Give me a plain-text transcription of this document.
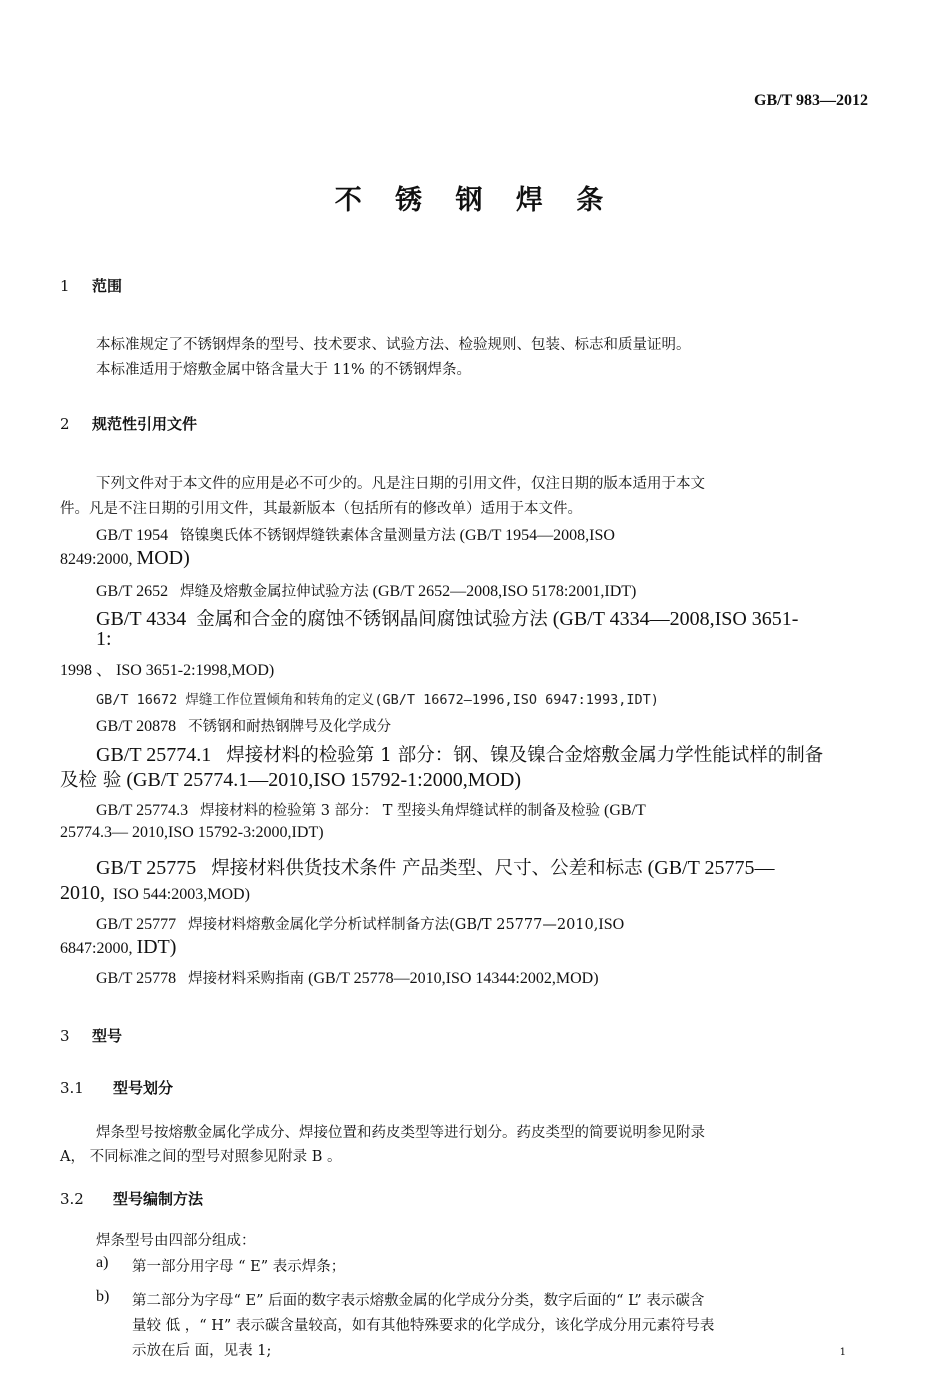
GB/T 983—2012
不 锈 钢 焊 条
1 范围
本标准规定了不锈钢焊条的型号、技术要求、试验方法、检验规则、包装、标志和质量证明。
本标准适用于熔敷金属中铬含量大于 11% 的不锈钢焊条。
2 规范性引用文件
下列文件对于本文件的应用是必不可少的。凡是注日期的引用文件，仅注日期的版本适用于本文
件。凡是不注日期的引用文件，其最新版本（包括所有的修改单）适用于本文件。
GB/T 1954 铬镍奥氏体不锈钢焊缝铁素体含量测量方法 (GB/T 1954—2008,ISO
8249:2000, MOD)
GB/T 2652 焊缝及熔敷金属拉伸试验方法 (GB/T 2652—2008,ISO 5178:2001,IDT)
GB/T 4334 金属和合金的腐蚀不锈钢晶间腐蚀试验方法 (GB/T 4334—2008,ISO 3651-
1:
1998 、 ISO 3651-2:1998,MOD)
GB/T 16672 焊缝工作位置倾角和转角的定义(GB/T 16672—1996,ISO 6947:1993,IDT)
GB/T 20878 不锈钢和耐热钢牌号及化学成分
GB/T 25774.1 焊接材料的检验第 1 部分：钢、镍及镍合金熔敷金属力学性能试样的制备
及检 验 (GB/T 25774.1—2010,ISO 15792-1:2000,MOD)
GB/T 25774.3 焊接材料的检验第 3 部分： T 型接头角焊缝试样的制备及检验 (GB/T
25774.3— 2010,ISO 15792-3:2000,IDT)
GB/T 25775 焊接材料供货技术条件 产品类型、尺寸、公差和标志 (GB/T 25775—
2010, ISO 544:2003,MOD)
GB/T 25777 焊接材料熔敷金属化学分析试样制备方法(GB/T 25777—2010,ISO
6847:2000, IDT)
GB/T 25778 焊接材料采购指南 (GB/T 25778—2010,ISO 14344:2002,MOD)
3 型号
3.1 型号划分
焊条型号按熔敷金属化学成分、焊接位置和药皮类型等进行划分。药皮类型的简要说明参见附录
A， 不同标准之间的型号对照参见附录 B 。
3.2 型号编制方法
焊条型号由四部分组成：
a) 第一部分用字母 “ E” 表示焊条；
b) 第二部分为字母“ E” 后面的数字表示熔敷金属的化学成分分类，数字后面的“ L” 表示碳含
量较 低 ，“ H” 表示碳含量较高，如有其他特殊要求的化学成分，该化学成分用元素符号表
示放在后 面，见表 1;	1
